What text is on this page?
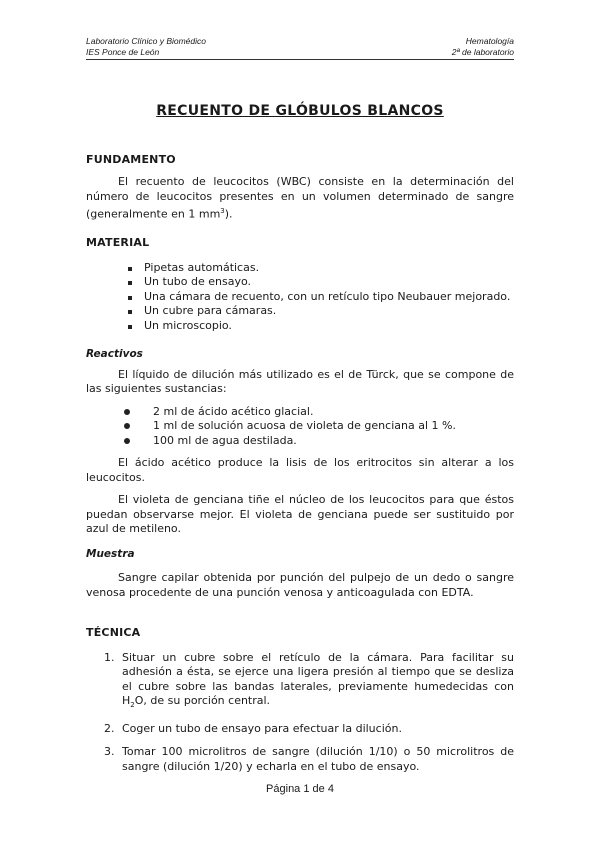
Laboratorio Clínico y Biomédico
IES Ponce de León
Hematología
2ª de laboratorio
RECUENTO DE GLÓBULOS BLANCOS
FUNDAMENTO
El recuento de leucocitos (WBC) consiste en la determinación del número de leucocitos presentes en un volumen determinado de sangre (generalmente en 1 $mm^3$).
MATERIAL
Pipetas automáticas.
Un tubo de ensayo.
Una cámara de recuento, con un retículo tipo Neubauer mejorado.
Un cubre para cámaras.
Un microscopio.
Reactivos
El líquido de dilución más utilizado es el de Türck, que se compone de las siguientes sustancias:
2 ml de ácido acético glacial.
1 ml de solución acuosa de violeta de genciana al 1 %.
100 ml de agua destilada.
El ácido acético produce la lisis de los eritrocitos sin alterar a los leucocitos.
El violeta de genciana tiñe el núcleo de los leucocitos para que éstos puedan observarse mejor. El violeta de genciana puede ser sustituido por azul de metileno.
Muestra
Sangre capilar obtenida por punción del pulpejo de un dedo o sangre venosa procedente de una punción venosa y anticoagulada con EDTA.
TÉCNICA
1. Situar un cubre sobre el retículo de la cámara. Para facilitar su adhesión a ésta, se ejerce una ligera presión al tiempo que se desliza el cubre sobre las bandas laterales, previamente humedecidas con $H_2O$, de su porción central.
2. Coger un tubo de ensayo para efectuar la dilución.
3. Tomar 100 microlitros de sangre (dilución 1/10) o 50 microlitros de sangre (dilución 1/20) y echarla en el tubo de ensayo.
Página 1 de 4
